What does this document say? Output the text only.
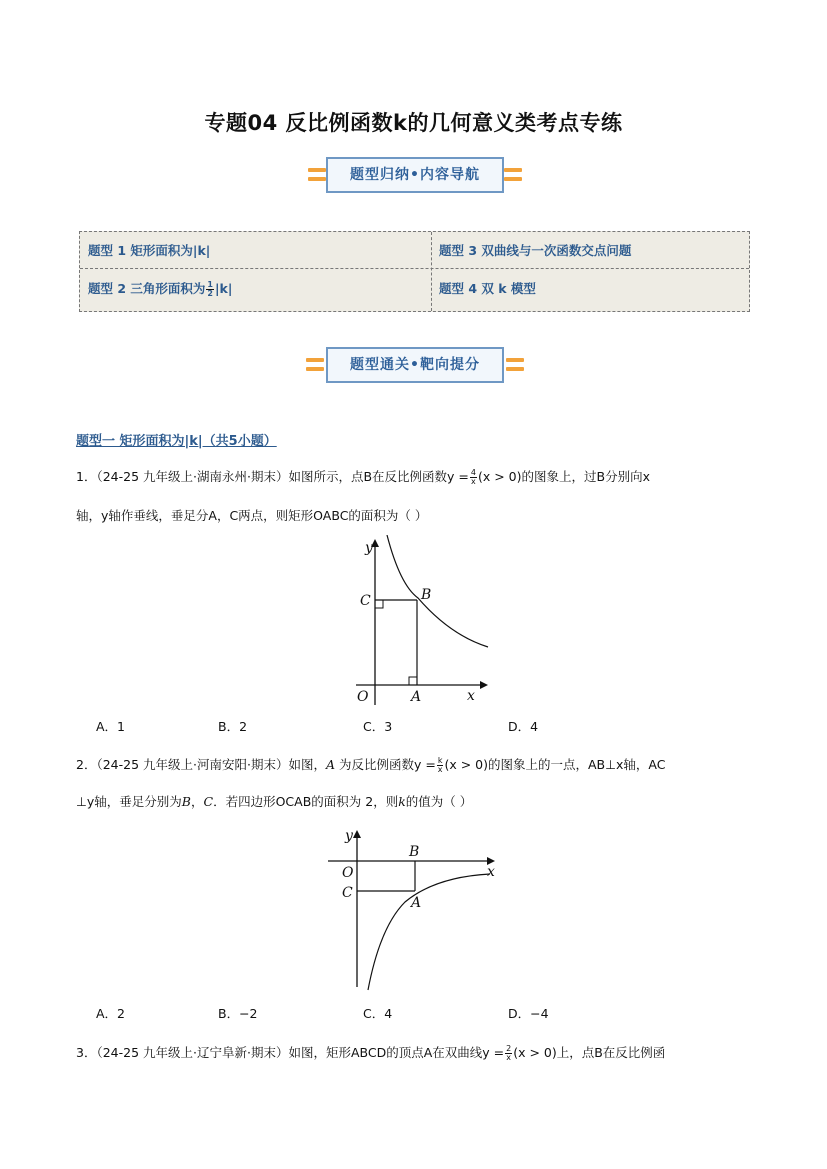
专题04 反比例函数k的几何意义类考点专练
题型归纳•内容导航
题型 1 矩形面积为|k|	题型 3 双曲线与一次函数交点问题
题型 2 三角形面积为 $\frac{1}{2} |k|$	题型 4 双 k 模型
题型通关•靶向提分
题型一 矩形面积为|k|（共5小题）
1．（24-25 九年级上·湖南永州·期末）如图所示，点B在反比例函数$y = \frac{4}{x} (x > 0)$的图象上，过B分别向x
轴，y轴作垂线，垂足分A，C两点，则矩形OABC的面积为（ ）
y
C	B
O	A	x
A．1	B．2	C．3	D．4
2．（24-25 九年级上·河南安阳·期末）如图，A 为反比例函数$y = \frac{k}{x} (x > 0)$的图象上的一点，AB⊥x轴，AC
⊥y轴，垂足分别为B，C．若四边形OCAB的面积为 2，则k的值为（ ）
y
O
B
x
C
A
A．2	B．−2	C．4	D．−4
3．（24-25 九年级上·辽宁阜新·期末）如图，矩形ABCD的顶点A在双曲线$y = \frac{2}{x} (x > 0)$上，点B在反比例函
